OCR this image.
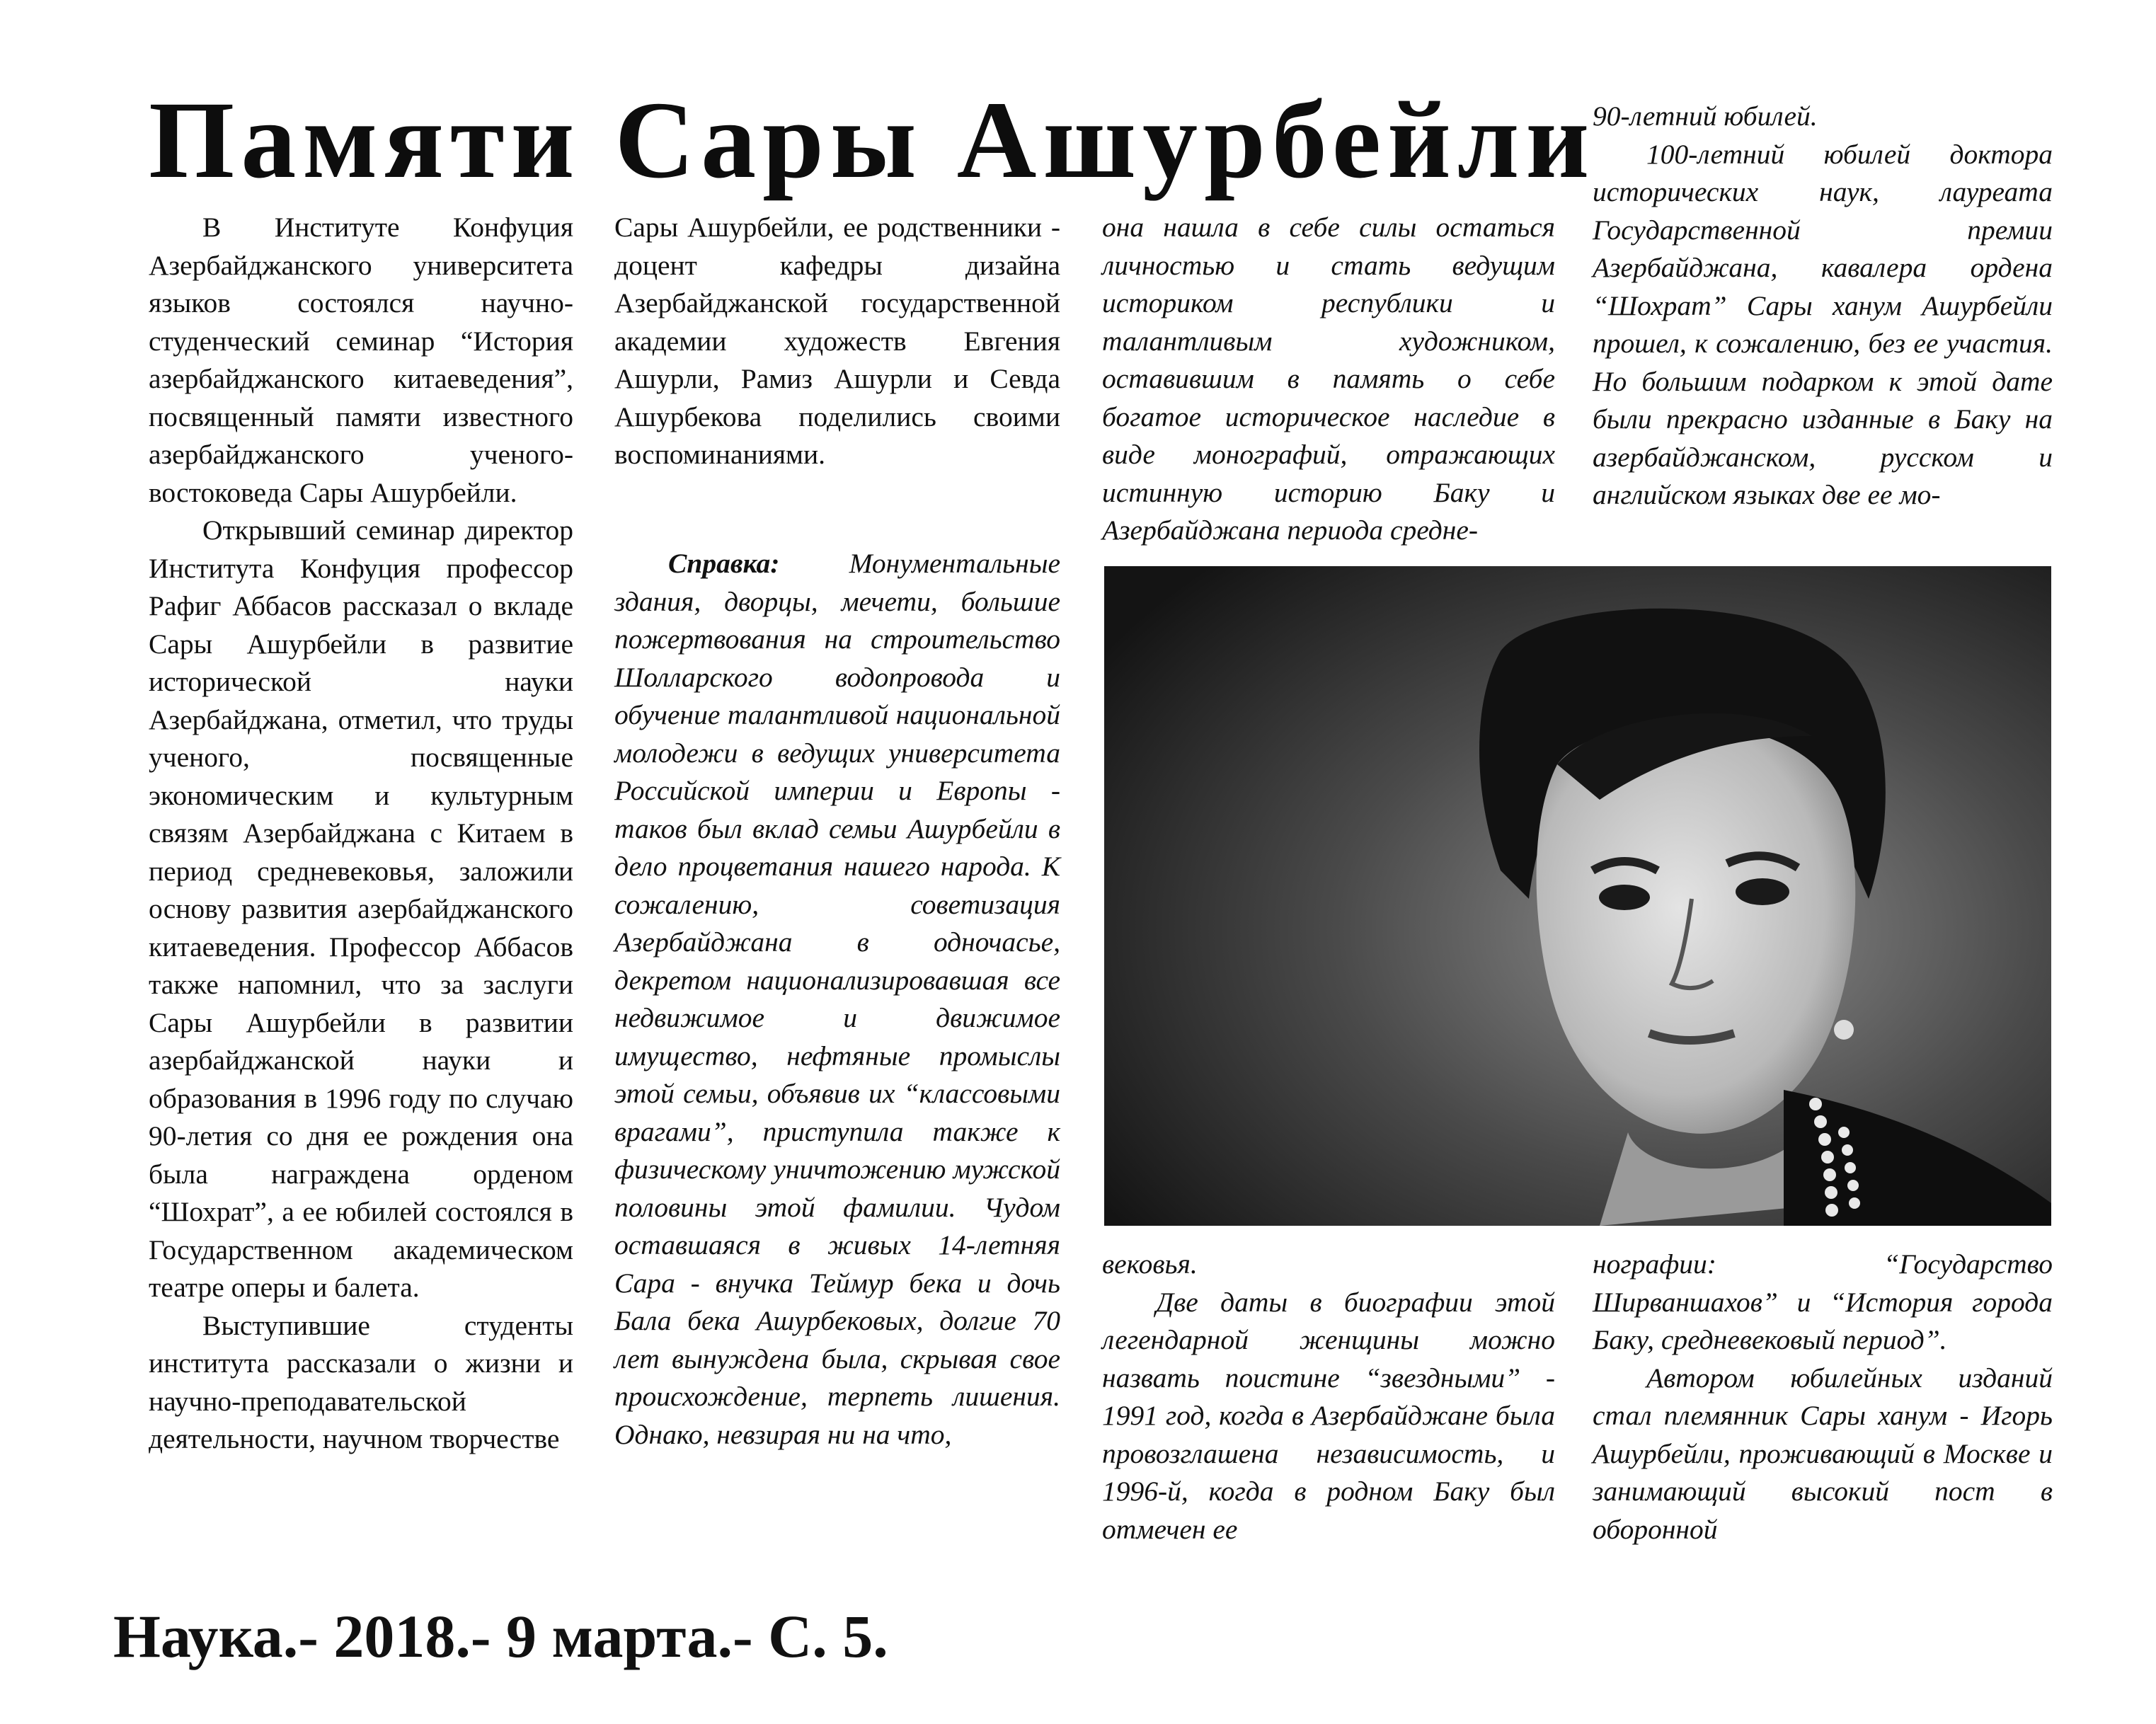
Памяти Сары Ашурбейли

В Институте Конфуция Азербайджанского университета языков состоялся научно-студенческий семинар “История азербайджанского китаеведения”, посвященный памяти известного азербайджанского ученого-востоковеда Сары Ашурбейли.

Открывший семинар директор Института Конфуция профессор Рафиг Аббасов рассказал о вкладе Сары Ашурбейли в развитие исторической науки Азербайджана, отметил, что труды ученого, посвященные экономическим и культурным связям Азербайджана с Китаем в период средневековья, заложили основу развития азербайджанского китаеведения. Профессор Аббасов также напомнил, что за заслуги Сары Ашурбейли в развитии азербайджанской науки и образования в 1996 году по случаю 90-летия со дня ее рождения она была награждена орденом “Шохрат”, а ее юбилей состоялся в Государственном академическом театре оперы и балета.

Выступившие студенты института рассказали о жизни и научно-преподавательской деятельности, научном творчестве

Сары Ашурбейли, ее родственники - доцент кафедры дизайна Азербайджанской государственной академии художеств Евгения Ашурли, Рамиз Ашурли и Севда Ашурбекова поделились своими воспоминаниями.

Справка: Монументальные здания, дворцы, мечети, большие пожертвования на строительство Шолларского водопровода и обучение талантливой национальной молодежи в ведущих университета Российской империи и Европы - таков был вклад семьи Ашурбейли в дело процветания нашего народа. К сожалению, советизация Азербайджана в одночасье, декретом национализировавшая все недвижимое и движимое имущество, нефтяные промыслы этой семьи, объявив их “классовыми врагами”, приступила также к физическому уничтожению мужской половины этой фамилии. Чудом оставшаяся в живых 14-летняя Сара - внучка Теймур бека и дочь Бала бека Ашурбековых, долгие 70 лет вынуждена была, скрывая свое происхождение, терпеть лишения. Однако, невзирая ни на что,

она нашла в себе силы остаться личностью и стать ведущим историком республики и талантливым художником, оставившим в память о себе богатое историческое наследие в виде монографий, отражающих истинную историю Баку и Азербайджана периода средне-

90-летний юбилей.

100-летний юбилей доктора исторических наук, лауреата Государственной премии Азербайджана, кавалера ордена “Шохрат” Сары ханум Ашурбейли прошел, к сожалению, без ее участия. Но большим подарком к этой дате были прекрасно изданные в Баку на азербайджанском, русском и английском языках две ее мо-

вековья.

Две даты в биографии этой легендарной женщины можно назвать поистине “звездными” - 1991 год, когда в Азербайджане была провозглашена независимость, и 1996-й, когда в родном Баку был отмечен ее

нографии: “Государство Ширваншахов” и “История города Баку, средневековый период”.

Автором юбилейных изданий стал племянник Сары ханум - Игорь Ашурбейли, проживающий в Москве и занимающий высокий пост в оборонной

Наука.- 2018.- 9 марта.- С. 5.
